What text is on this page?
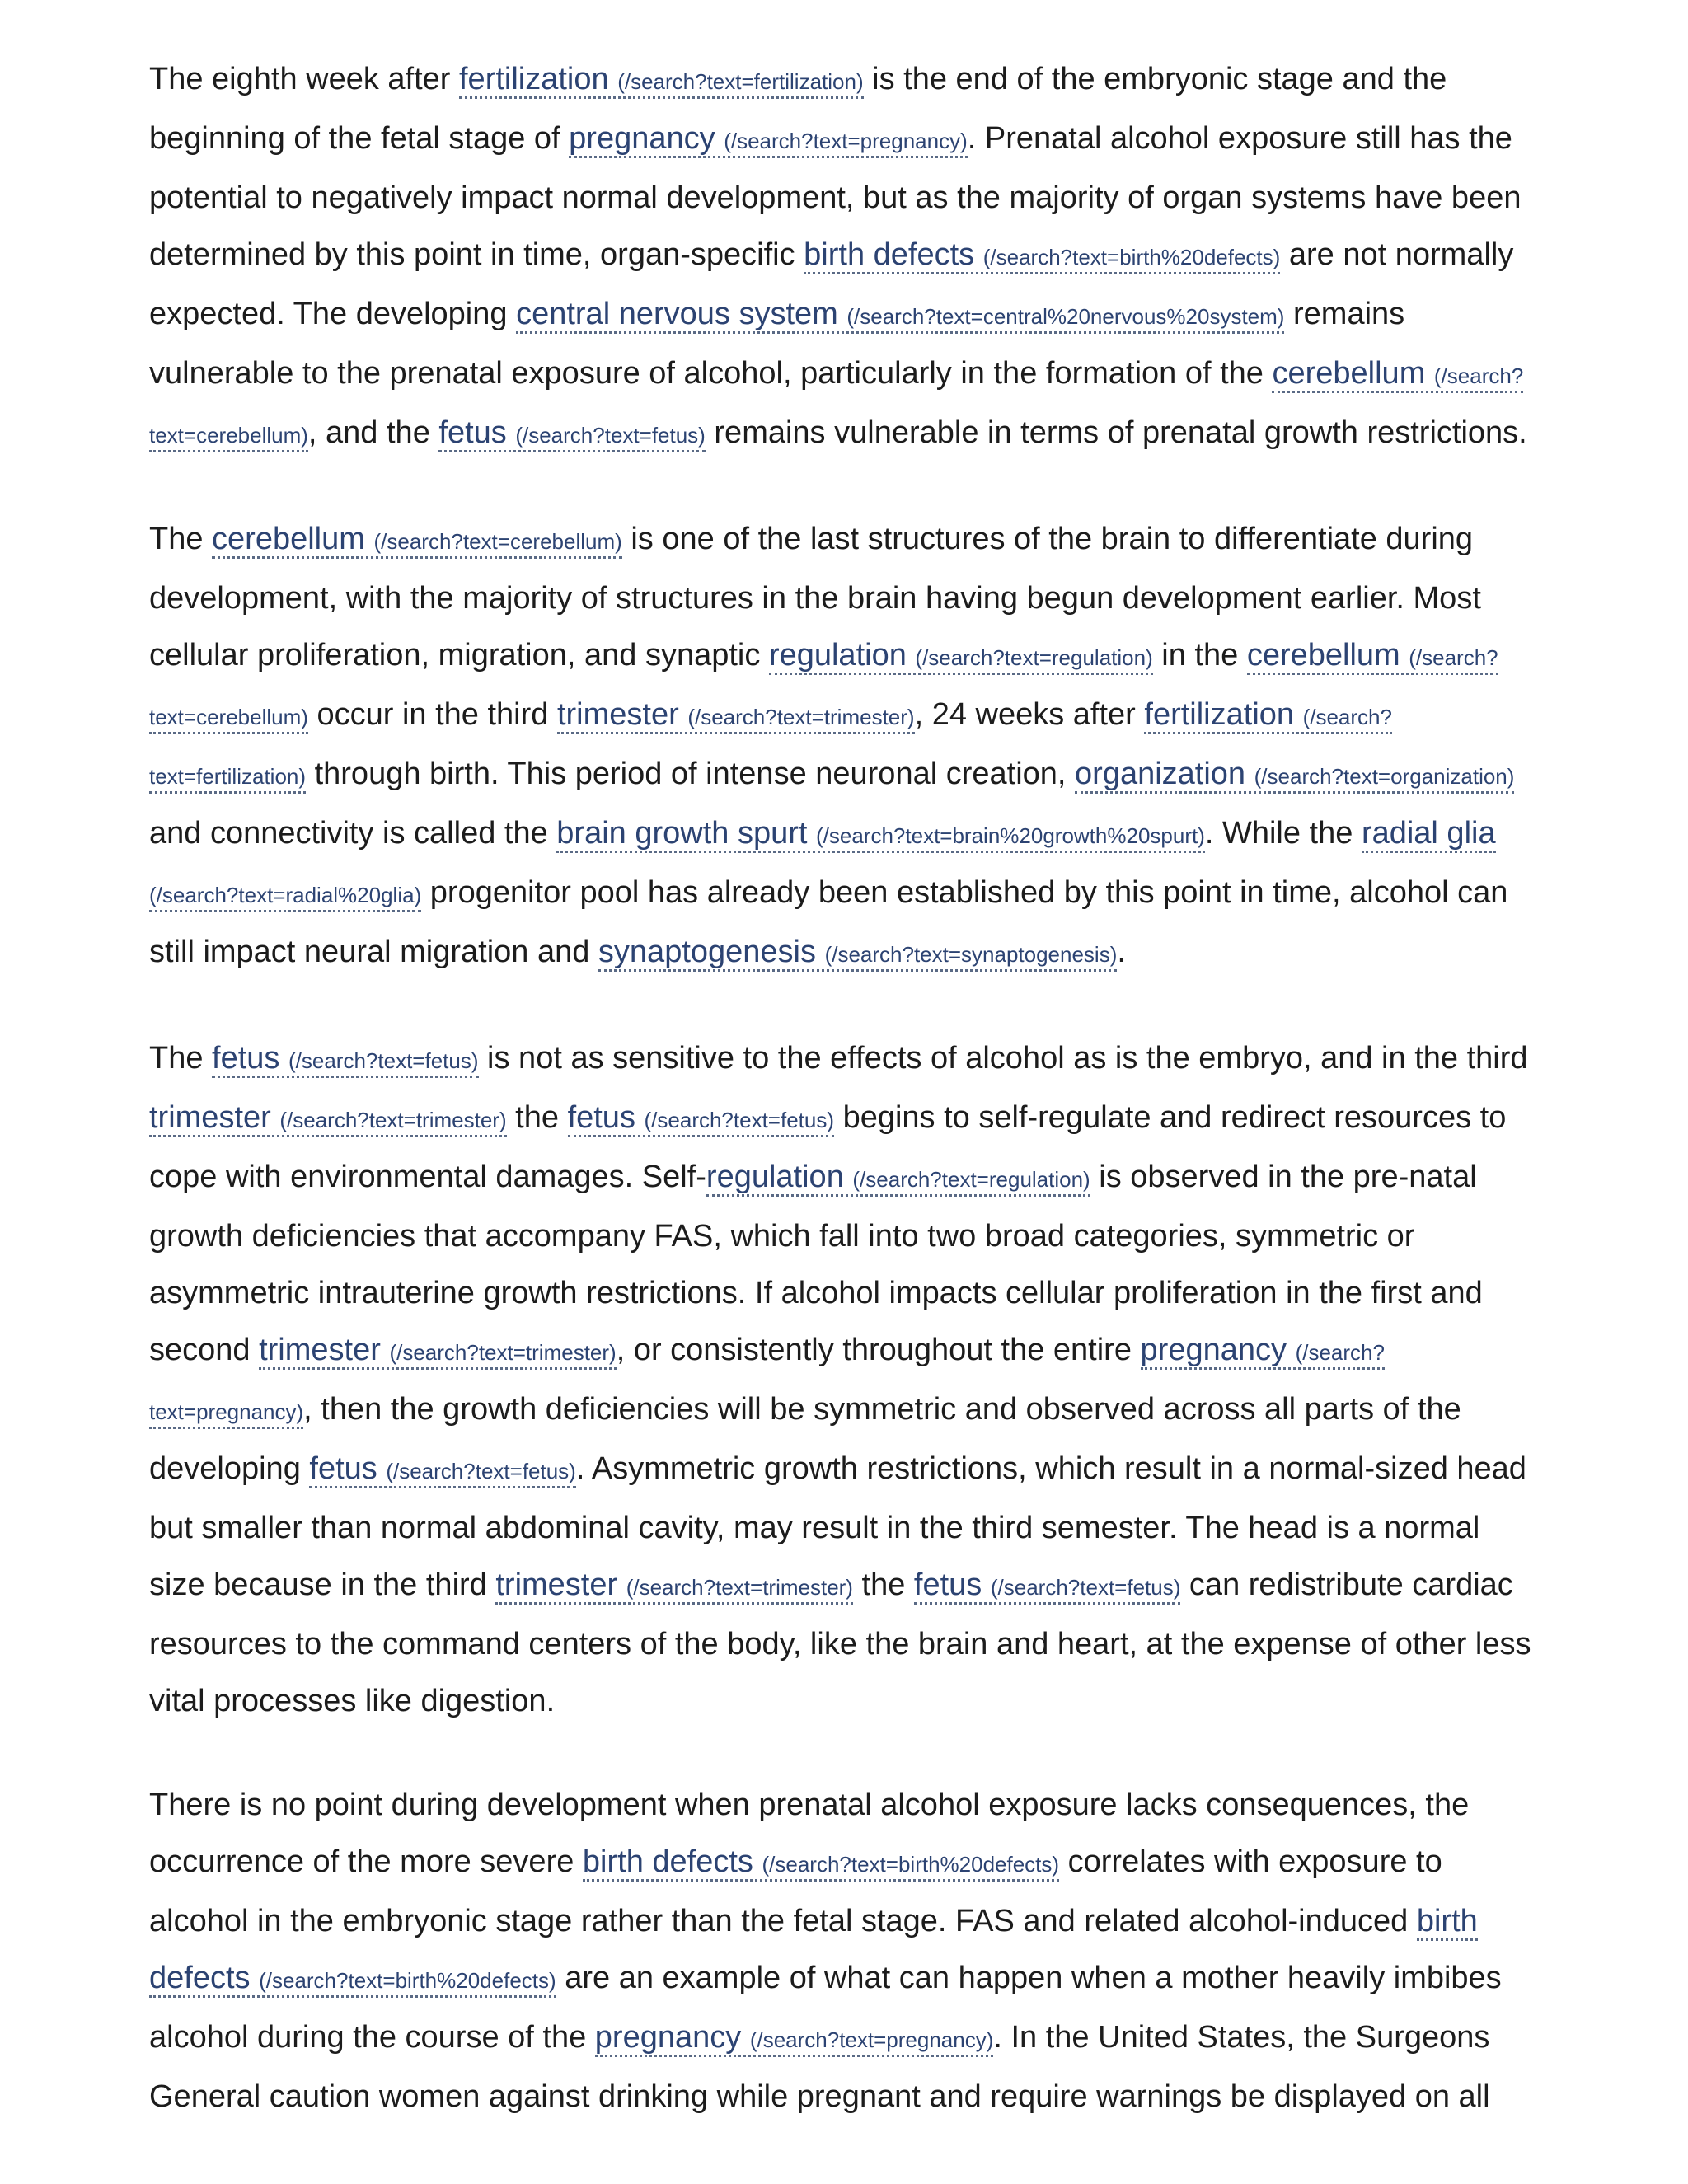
The eighth week after fertilization (/search?text=fertilization) is the end of the embryonic stage and the beginning of the fetal stage of pregnancy (/search?text=pregnancy). Prenatal alcohol exposure still has the potential to negatively impact normal development, but as the majority of organ systems have been determined by this point in time, organ-specific birth defects (/search?text=birth%20defects) are not normally expected. The developing central nervous system (/search?text=central%20nervous%20system) remains vulnerable to the prenatal exposure of alcohol, particularly in the formation of the cerebellum (/search?text=cerebellum), and the fetus (/search?text=fetus) remains vulnerable in terms of prenatal growth restrictions.

The cerebellum (/search?text=cerebellum) is one of the last structures of the brain to differentiate during development, with the majority of structures in the brain having begun development earlier. Most cellular proliferation, migration, and synaptic regulation (/search?text=regulation) in the cerebellum (/search?text=cerebellum) occur in the third trimester (/search?text=trimester), 24 weeks after fertilization (/search?text=fertilization) through birth. This period of intense neuronal creation, organization (/search?text=organization) and connectivity is called the brain growth spurt (/search?text=brain%20growth%20spurt). While the radial glia (/search?text=radial%20glia) progenitor pool has already been established by this point in time, alcohol can still impact neural migration and synaptogenesis (/search?text=synaptogenesis).

The fetus (/search?text=fetus) is not as sensitive to the effects of alcohol as is the embryo, and in the third trimester (/search?text=trimester) the fetus (/search?text=fetus) begins to self-regulate and redirect resources to cope with environmental damages. Self-regulation (/search?text=regulation) is observed in the pre-natal growth deficiencies that accompany FAS, which fall into two broad categories, symmetric or asymmetric intrauterine growth restrictions. If alcohol impacts cellular proliferation in the first and second trimester (/search?text=trimester), or consistently throughout the entire pregnancy (/search?text=pregnancy), then the growth deficiencies will be symmetric and observed across all parts of the developing fetus (/search?text=fetus). Asymmetric growth restrictions, which result in a normal-sized head but smaller than normal abdominal cavity, may result in the third semester. The head is a normal size because in the third trimester (/search?text=trimester) the fetus (/search?text=fetus) can redistribute cardiac resources to the command centers of the body, like the brain and heart, at the expense of other less vital processes like digestion.

There is no point during development when prenatal alcohol exposure lacks consequences, the occurrence of the more severe birth defects (/search?text=birth%20defects) correlates with exposure to alcohol in the embryonic stage rather than the fetal stage. FAS and related alcohol-induced birth defects (/search?text=birth%20defects) are an example of what can happen when a mother heavily imbibes alcohol during the course of the pregnancy (/search?text=pregnancy). In the United States, the Surgeons General caution women against drinking while pregnant and require warnings be displayed on all
